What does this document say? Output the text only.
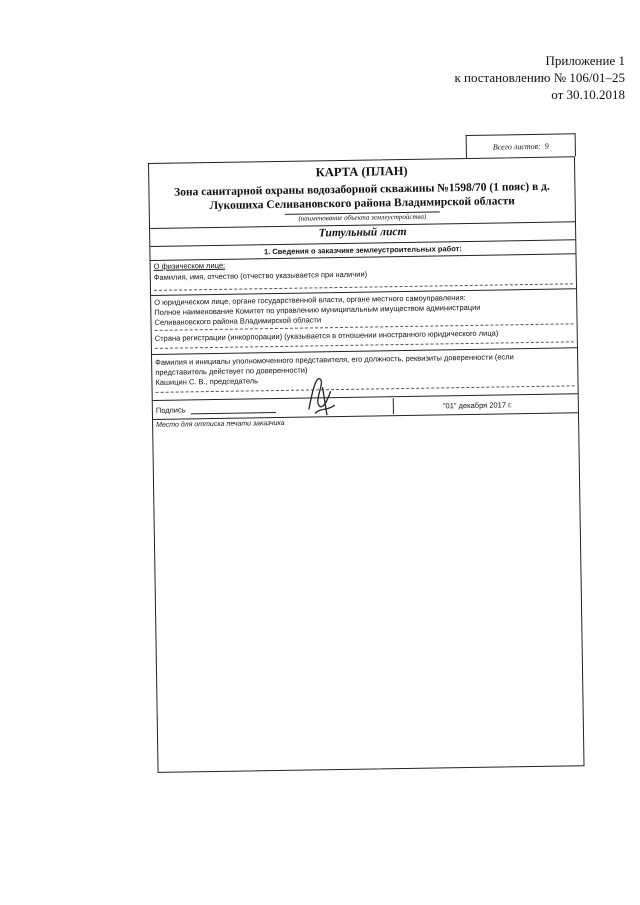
Приложение 1
к постановлению № 106/01–25
от 30.10.2018
Всего листов: 9
КАРТА (ПЛАН)
Зона санитарной охраны водозаборной скважины №1598/70 (1 пояс) в д.
Лукошиха Селивановского района Владимирской области
(наименование объекта землеустройства)
Титульный лист
1. Сведения о заказчике землеустроительных работ:
О физическом лице:
Фамилия, имя, отчество (отчество указывается при наличии)
О юридическом лице, органе государственной власти, органе местного самоуправления:
Полное наименование Комитет по управлению муниципальным имуществом администрации
Селивановского района Владимирской области
Страна регистрации (инкорпорации) (указывается в отношении иностранного юридического лица)
Фамилия и инициалы уполномоченного представителя, его должность, реквизиты доверенности (если
представитель действует по доверенности)
Кашицин С. В., председатель
Подпись	"01" декабря 2017 г.
Место для оттиска печати заказчика
